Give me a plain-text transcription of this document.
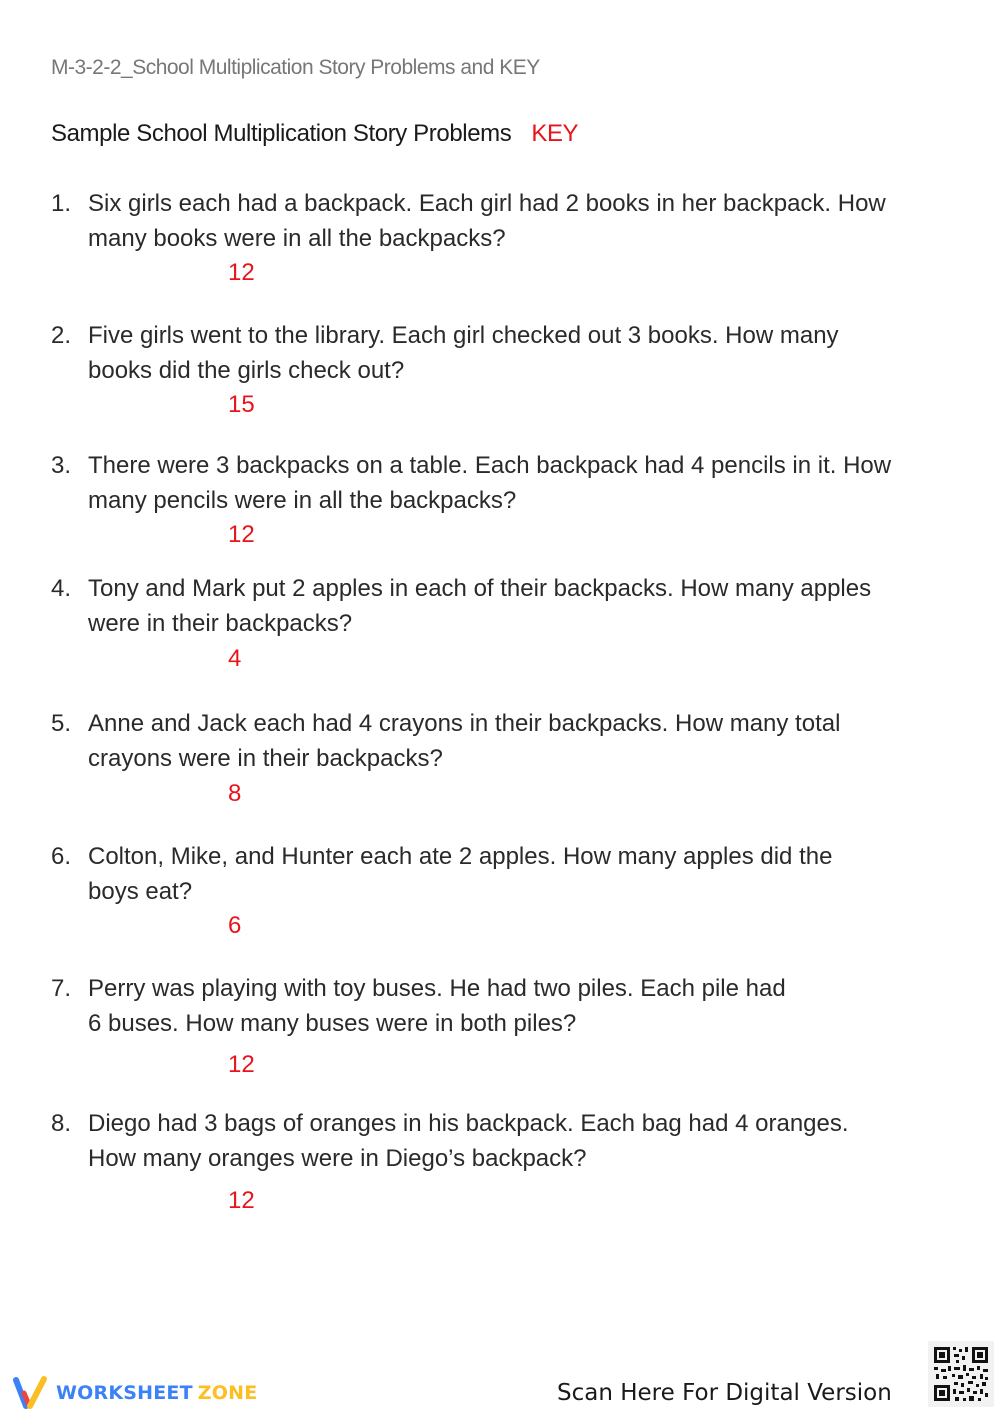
M-3-2-2_School Multiplication Story Problems and KEY
Sample School Multiplication Story Problems KEY
1. Six girls each had a backpack. Each girl had 2 books in her backpack. How
many books were in all the backpacks?
12
2. Five girls went to the library. Each girl checked out 3 books. How many
books did the girls check out?
15
3. There were 3 backpacks on a table. Each backpack had 4 pencils in it. How
many pencils were in all the backpacks?
12
4. Tony and Mark put 2 apples in each of their backpacks. How many apples
were in their backpacks?
4
5. Anne and Jack each had 4 crayons in their backpacks. How many total
crayons were in their backpacks?
8
6. Colton, Mike, and Hunter each ate 2 apples. How many apples did the
boys eat?
6
7. Perry was playing with toy buses. He had two piles. Each pile had
6 buses. How many buses were in both piles?
12
8. Diego had 3 bags of oranges in his backpack. Each bag had 4 oranges.
How many oranges were in Diego’s backpack?
12
WORKSHEET ZONE	Scan Here For Digital Version
